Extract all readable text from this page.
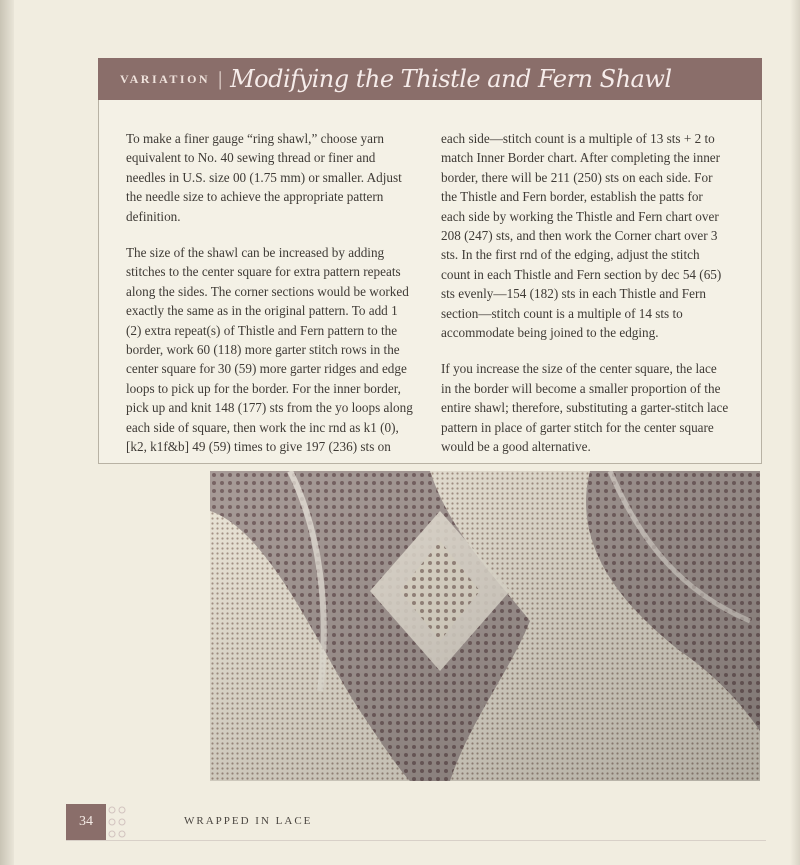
VARIATION | Modifying the Thistle and Fern Shawl

To make a finer gauge “ring shawl,” choose yarn equivalent to No. 40 sewing thread or finer and needles in U.S. size 00 (1.75 mm) or smaller. Adjust the needle size to achieve the appropriate pattern definition.

The size of the shawl can be increased by adding stitches to the center square for extra pattern repeats along the sides. The corner sections would be worked exactly the same as in the original pattern. To add 1 (2) extra repeat(s) of Thistle and Fern pattern to the border, work 60 (118) more garter stitch rows in the center square for 30 (59) more garter ridges and edge loops to pick up for the border. For the inner border, pick up and knit 148 (177) sts from the yo loops along each side of square, then work the inc rnd as k1 (0), [k2, k1f&b] 49 (59) times to give 197 (236) sts on

each side—stitch count is a multiple of 13 sts + 2 to match Inner Border chart. After completing the inner border, there will be 211 (250) sts on each side. For the Thistle and Fern border, establish the patts for each side by working the Thistle and Fern chart over 208 (247) sts, and then work the Corner chart over 3 sts. In the first rnd of the edging, adjust the stitch count in each Thistle and Fern section by dec 54 (65) sts evenly—154 (182) sts in each Thistle and Fern section—stitch count is a multiple of 14 sts to accommodate being joined to the edging.

If you increase the size of the center square, the lace in the border will become a smaller proportion of the entire shawl; therefore, substituting a garter-stitch lace pattern in place of garter stitch for the center square would be a good alternative.

34	WRAPPED IN LACE
